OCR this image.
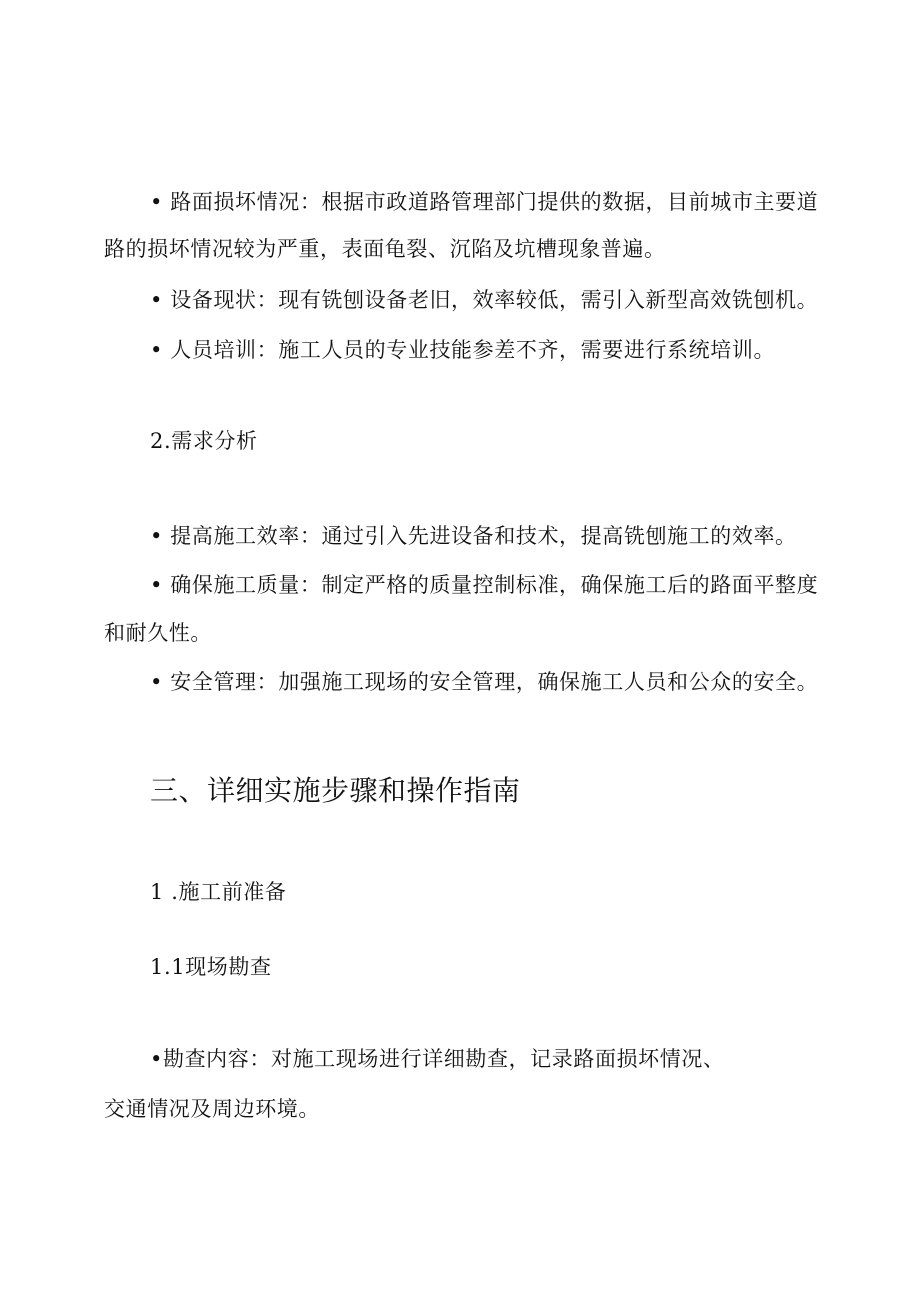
• 路面损坏情况：根据市政道路管理部门提供的数据，目前城市主要道
路的损坏情况较为严重，表面龟裂、沉陷及坑槽现象普遍。
• 设备现状：现有铣刨设备老旧，效率较低，需引入新型高效铣刨机。
• 人员培训：施工人员的专业技能参差不齐，需要进行系统培训。
2.需求分析
• 提高施工效率：通过引入先进设备和技术，提高铣刨施工的效率。
• 确保施工质量：制定严格的质量控制标准，确保施工后的路面平整度
和耐久性。
• 安全管理：加强施工现场的安全管理，确保施工人员和公众的安全。
三、详细实施步骤和操作指南
1 .施工前准备
1.1现场勘查
•勘查内容：对施工现场进行详细勘查，记录路面损坏情况、
交通情况及周边环境。
